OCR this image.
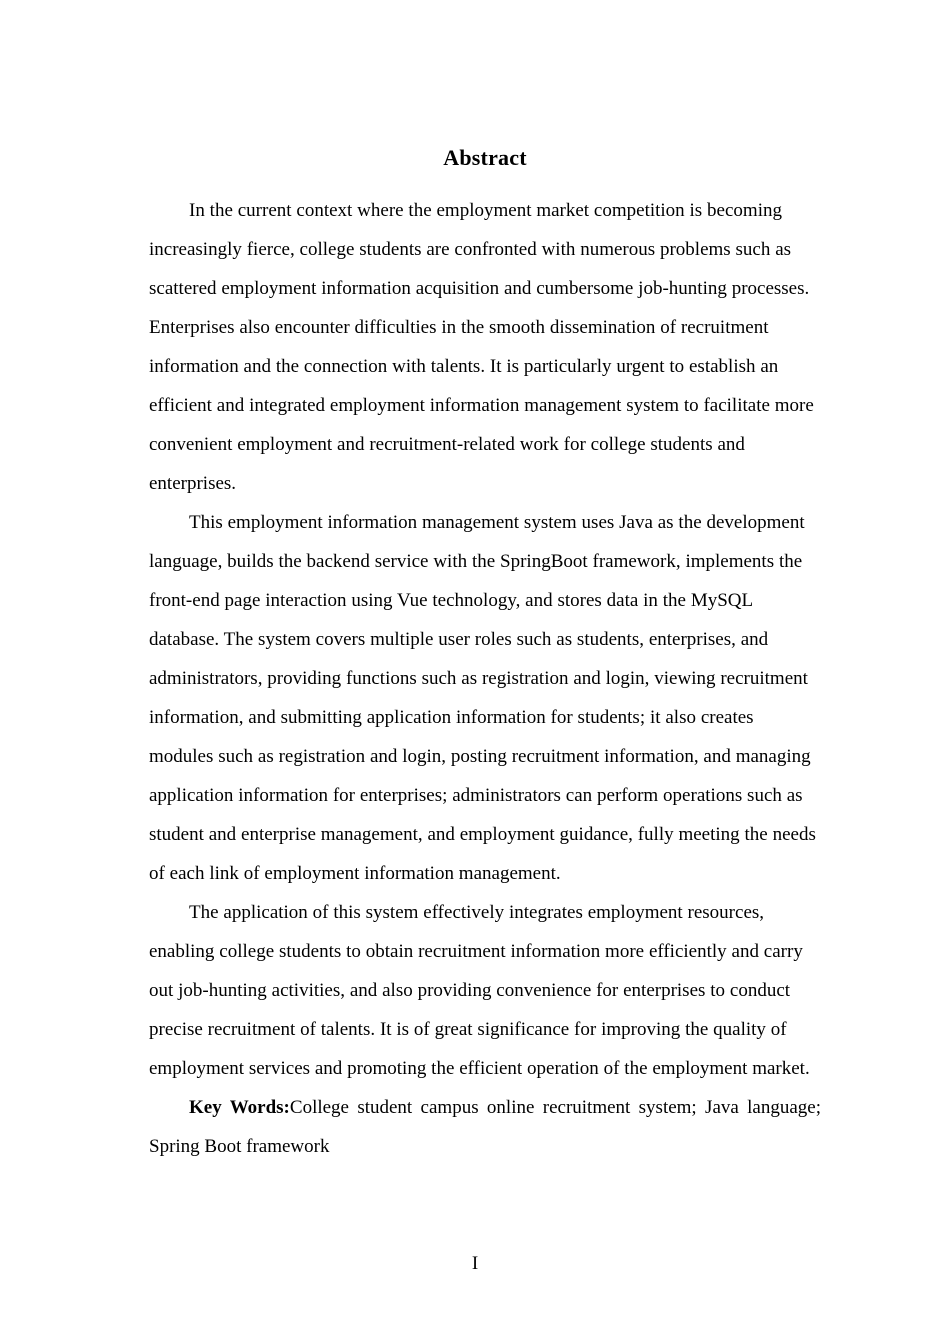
Abstract

In the current context where the employment market competition is becoming increasingly fierce, college students are confronted with numerous problems such as scattered employment information acquisition and cumbersome job-hunting processes. Enterprises also encounter difficulties in the smooth dissemination of recruitment information and the connection with talents. It is particularly urgent to establish an efficient and integrated employment information management system to facilitate more convenient employment and recruitment-related work for college students and enterprises.

This employment information management system uses Java as the development language, builds the backend service with the SpringBoot framework, implements the front-end page interaction using Vue technology, and stores data in the MySQL database. The system covers multiple user roles such as students, enterprises, and administrators, providing functions such as registration and login, viewing recruitment information, and submitting application information for students; it also creates modules such as registration and login, posting recruitment information, and managing application information for enterprises; administrators can perform operations such as student and enterprise management, and employment guidance, fully meeting the needs of each link of employment information management.

The application of this system effectively integrates employment resources, enabling college students to obtain recruitment information more efficiently and carry out job-hunting activities, and also providing convenience for enterprises to conduct precise recruitment of talents. It is of great significance for improving the quality of employment services and promoting the efficient operation of the employment market.

Key Words:College student campus online recruitment system; Java language; Spring Boot framework

I
